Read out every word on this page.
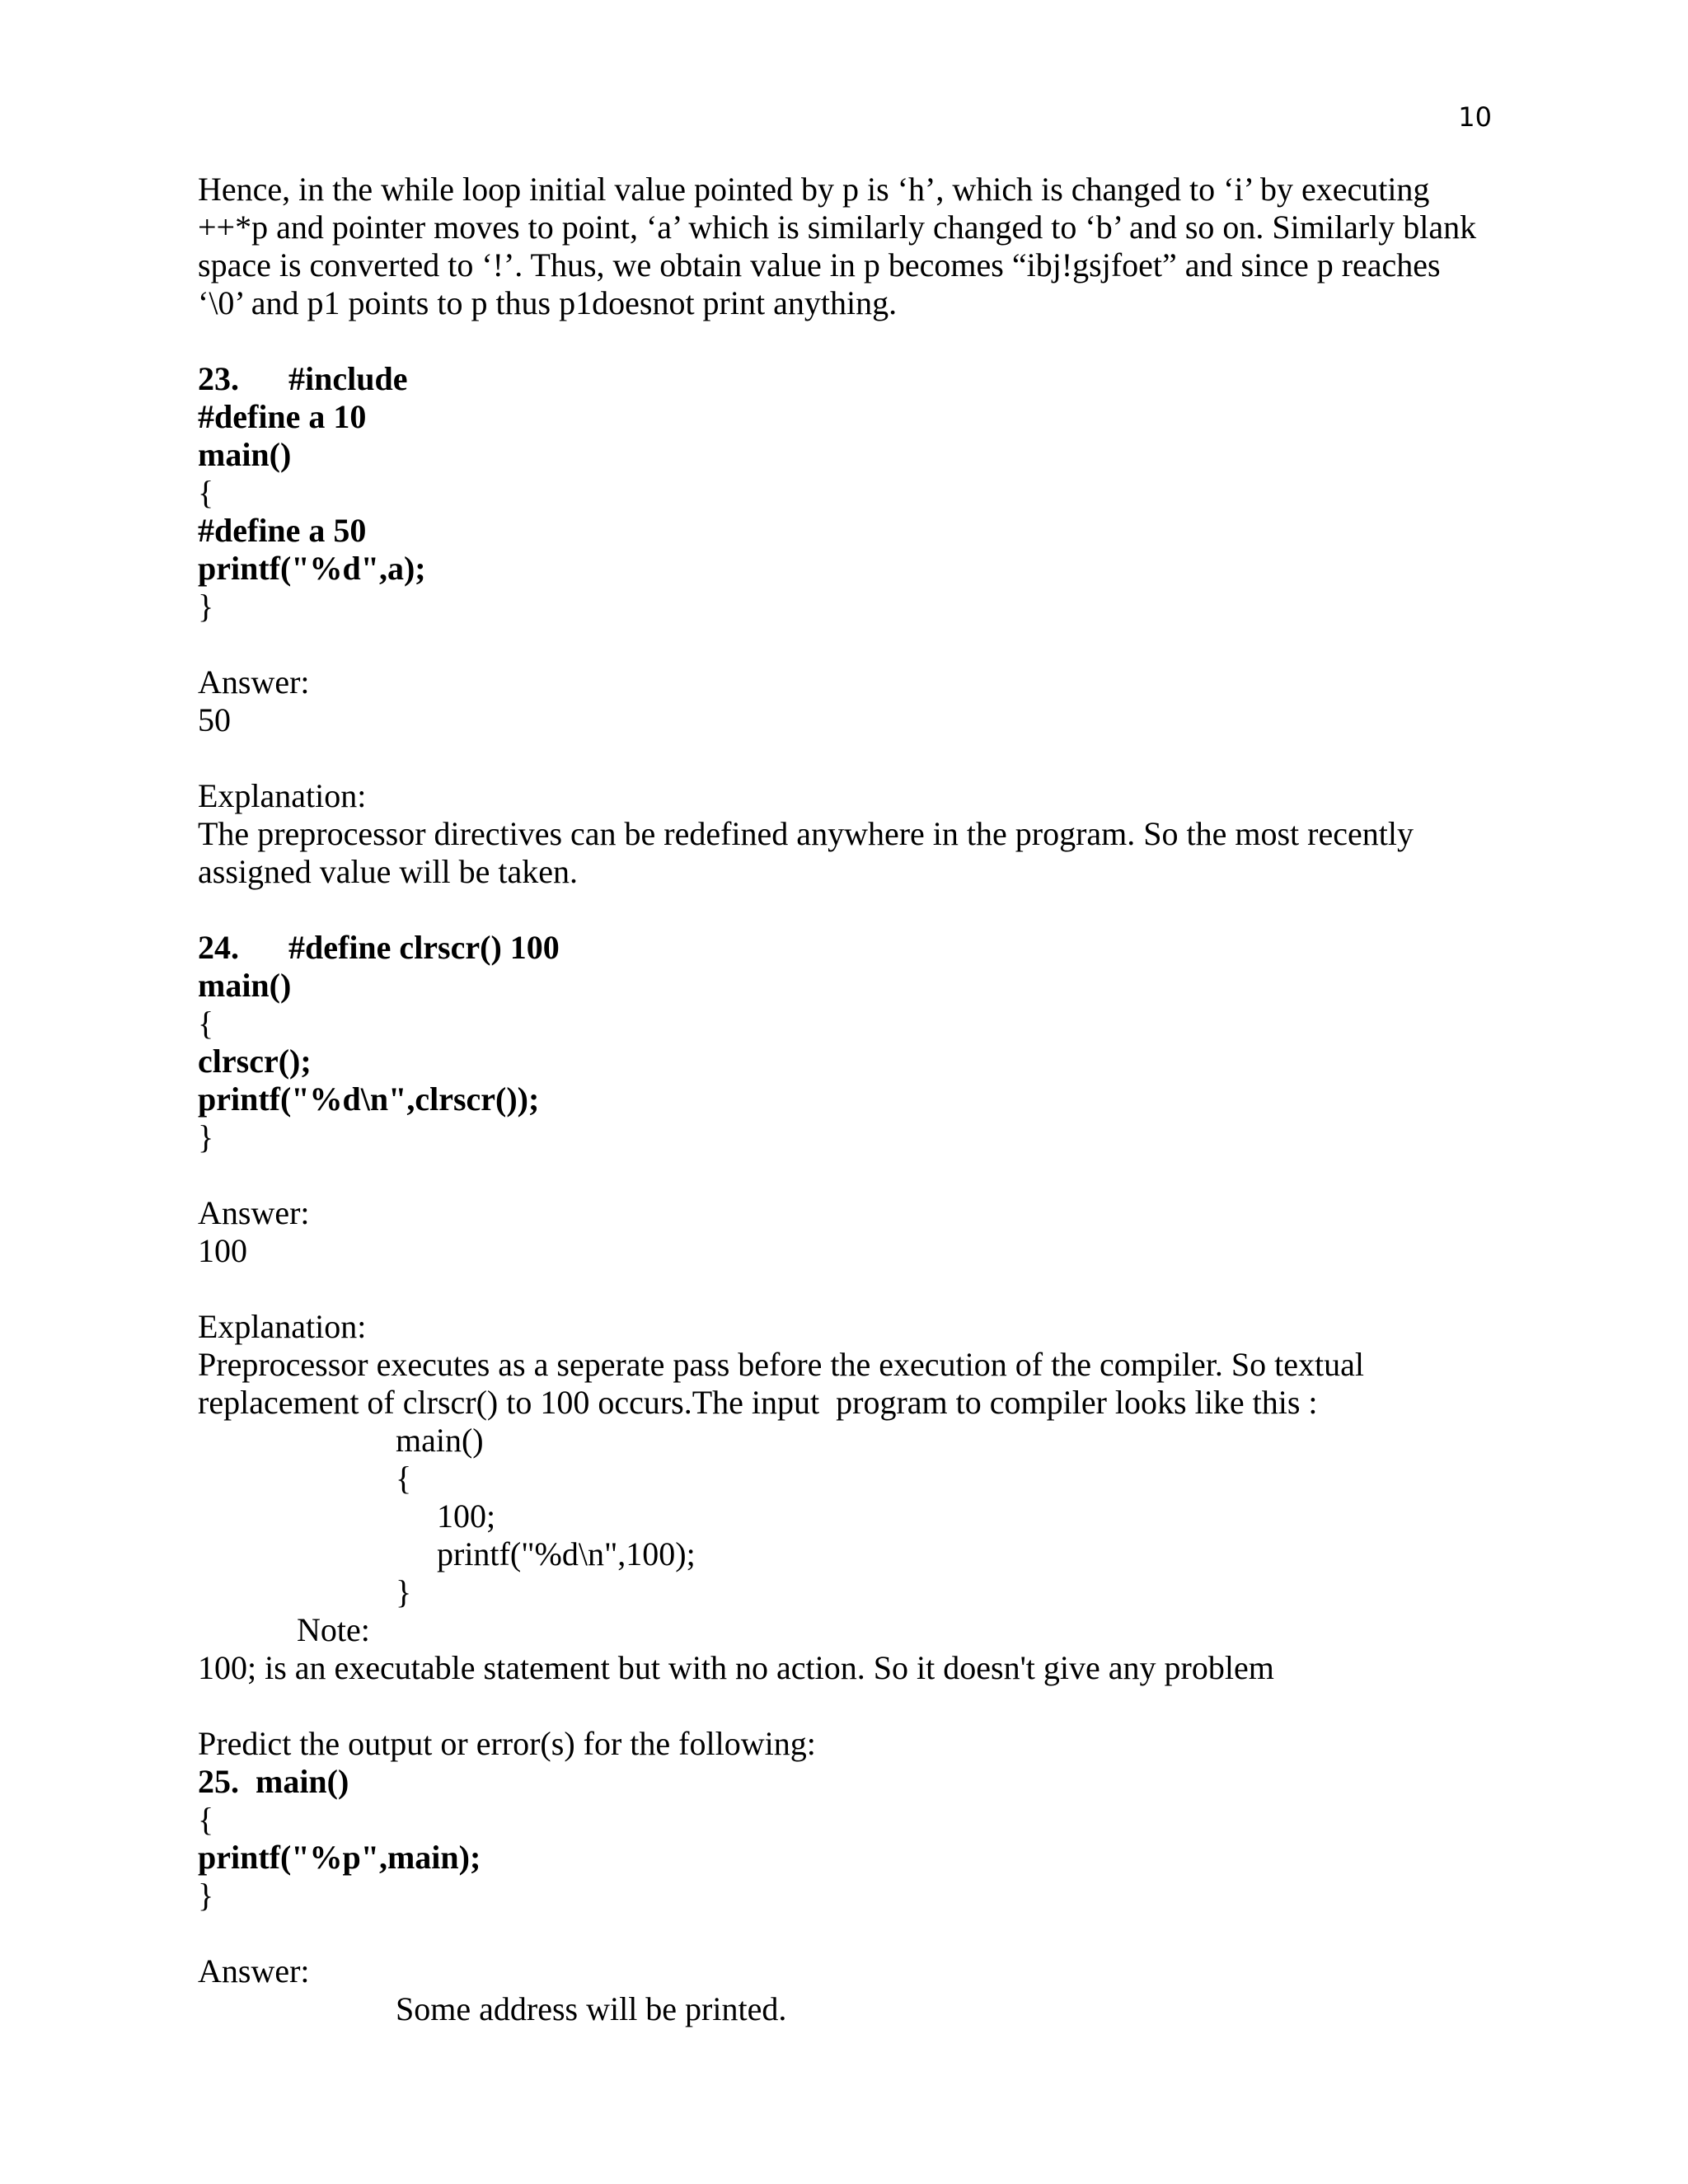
10
Hence, in the while loop initial value pointed by p is ‘h’, which is changed to ‘i’ by executing
++*p and pointer moves to point, ‘a’ which is similarly changed to ‘b’ and so on. Similarly blank
space is converted to ‘!’. Thus, we obtain value in p becomes “ibj!gsjfoet” and since p reaches
‘\0’ and p1 points to p thus p1doesnot print anything.
23. #include
#define a 10
main()
{
#define a 50
printf("%d",a);
}
Answer:
50
Explanation:
The preprocessor directives can be redefined anywhere in the program. So the most recently
assigned value will be taken.
24. #define clrscr() 100
main()
{
clrscr();
printf("%d\n",clrscr());
}
Answer:
100
Explanation:
Preprocessor executes as a seperate pass before the execution of the compiler. So textual
replacement of clrscr() to 100 occurs.The input  program to compiler looks like this :
main()
{
100;
printf("%d\n",100);
}
Note:
100; is an executable statement but with no action. So it doesn't give any problem
Predict the output or error(s) for the following:
25. main()
{
printf("%p",main);
}
Answer:
Some address will be printed.
